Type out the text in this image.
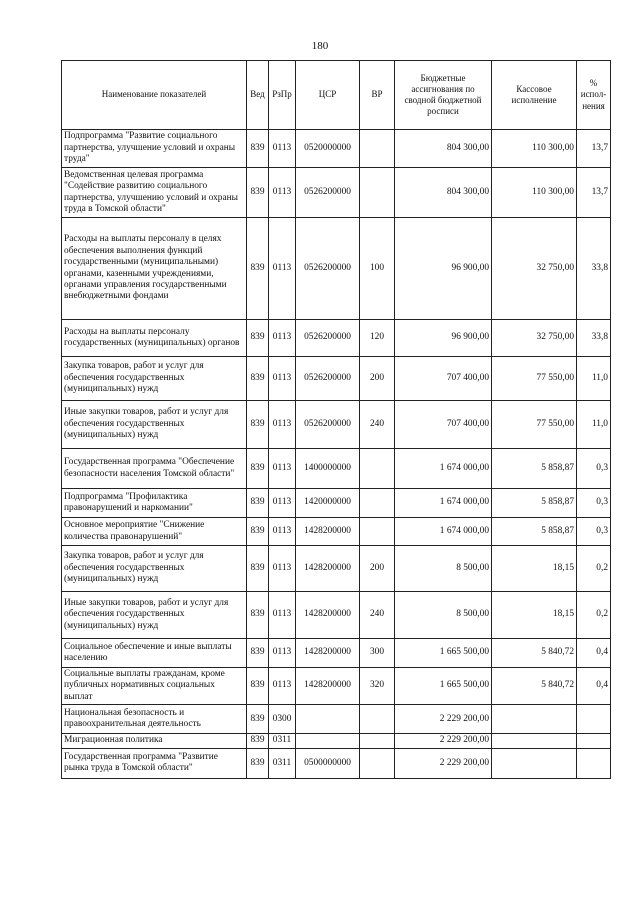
180
Наименование показателей	Вед	РзПр	ЦСР	ВР	Бюджетные ассигнования по сводной бюджетной росписи	Кассовое исполнение	% испол-нения
Подпрограмма "Развитие социального партнерства, улучшение условий и охраны труда"	839	0113	0520000000		804 300,00	110 300,00	13,7
Ведомственная целевая программа "Содействие развитию социального партнерства, улучшению условий и охраны труда в Томской области"	839	0113	0526200000		804 300,00	110 300,00	13,7
Расходы на выплаты персоналу в целях обеспечения выполнения функций государственными (муниципальными) органами, казенными учреждениями, органами управления государственными внебюджетными фондами	839	0113	0526200000	100	96 900,00	32 750,00	33,8
Расходы на выплаты персоналу государственных (муниципальных) органов	839	0113	0526200000	120	96 900,00	32 750,00	33,8
Закупка товаров, работ и услуг для обеспечения государственных (муниципальных) нужд	839	0113	0526200000	200	707 400,00	77 550,00	11,0
Иные закупки товаров, работ и услуг для обеспечения государственных (муниципальных) нужд	839	0113	0526200000	240	707 400,00	77 550,00	11,0
Государственная программа "Обеспечение безопасности населения Томской области"	839	0113	1400000000		1 674 000,00	5 858,87	0,3
Подпрограмма "Профилактика правонарушений и наркомании"	839	0113	1420000000		1 674 000,00	5 858,87	0,3
Основное мероприятие "Снижение количества правонарушений"	839	0113	1428200000		1 674 000,00	5 858,87	0,3
Закупка товаров, работ и услуг для обеспечения государственных (муниципальных) нужд	839	0113	1428200000	200	8 500,00	18,15	0,2
Иные закупки товаров, работ и услуг для обеспечения государственных (муниципальных) нужд	839	0113	1428200000	240	8 500,00	18,15	0,2
Социальное обеспечение и иные выплаты населению	839	0113	1428200000	300	1 665 500,00	5 840,72	0,4
Социальные выплаты гражданам, кроме публичных нормативных социальных выплат	839	0113	1428200000	320	1 665 500,00	5 840,72	0,4
Национальная безопасность и правоохранительная деятельность	839	0300			2 229 200,00		
Миграционная политика	839	0311			2 229 200,00		
Государственная программа "Развитие рынка труда в Томской области"	839	0311	0500000000		2 229 200,00		
